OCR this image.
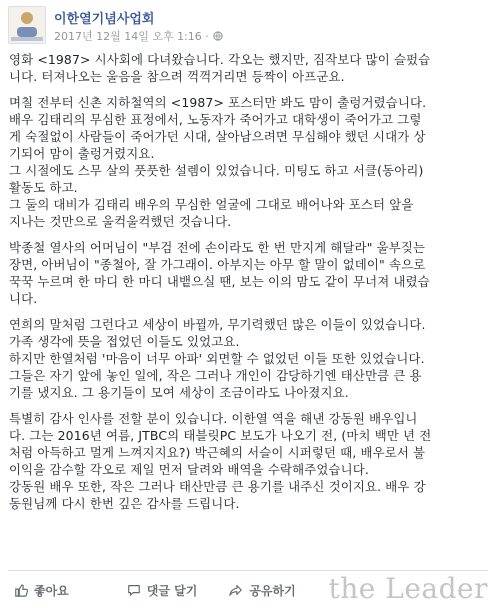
이한열기념사업회
2017년 12월 14일 오후 1:16 ·

영화 <1987> 시사회에 다녀왔습니다. 각오는 했지만, 짐작보다 많이 슬펐습
니다. 터져나오는 울음을 참으려 꺽꺽거리면 등짝이 아프군요.

며칠 전부터 신촌 지하철역의 <1987> 포스터만 봐도 맘이 출렁거렸습니다.
배우 김태리의 무심한 표정에서, 노동자가 죽어가고 대학생이 죽어가고 그렇
게 숙절없이 사람들이 죽어가던 시대, 살아남으려면 무심해야 했던 시대가 상
기되어 맘이 출렁거렸지요.
그 시절에도 스무 살의 풋풋한 설렘이 있었습니다. 미팅도 하고 서클(동아리)
활동도 하고.
그 둘의 대비가 김태리 배우의 무심한 얼굴에 그대로 배어나와 포스터 앞을
지나는 것만으로 울컥울컥했던 것습니다.

박종철 열사의 어머님이 "부검 전에 손이라도 한 번 만지게 해달라" 울부짖는
장면, 아버님이 "종철아, 잘 가그래이. 아부지는 아무 할 말이 없데이" 속으로
꾹꾹 누르며 한 마디 한 마디 내뱉으실 땐, 보는 이의 맘도 같이 무너져 내렸습
니다.

연희의 말처럼 그런다고 세상이 바뀔까, 무기력했던 많은 이들이 있었습니다.
가족 생각에 뜻을 접었던 이들도 있었고요.
하지만 한열처럼 '마음이 너무 아파' 외면할 수 없었던 이들 또한 있었습니다.
그들은 자기 앞에 놓인 일에, 작은 그러나 개인이 감당하기엔 태산만큼 큰 용
기를 냈지요. 그 용기들이 모여 세상이 조금이라도 나아졌지요.

특별히 감사 인사를 전할 분이 있습니다. 이한열 역을 해낸 강동원 배우입니
다. 그는 2016년 여름, JTBC의 태블릿PC 보도가 나오기 전, (마치 백만 년 전
처럼 아득하고 멀게 느껴지지요?) 박근혜의 서슬이 시퍼렇던 때, 배우로서 불
이익을 감수할 각오로 제일 먼저 달려와 배역을 수락해주었습니다.
강동원 배우 또한, 작은 그러나 태산만큼 큰 용기를 내주신 것이지요. 배우 강
동원님께 다시 한번 깊은 감사를 드립니다.

좋아요	댓글 달기	공유하기 the Leader
